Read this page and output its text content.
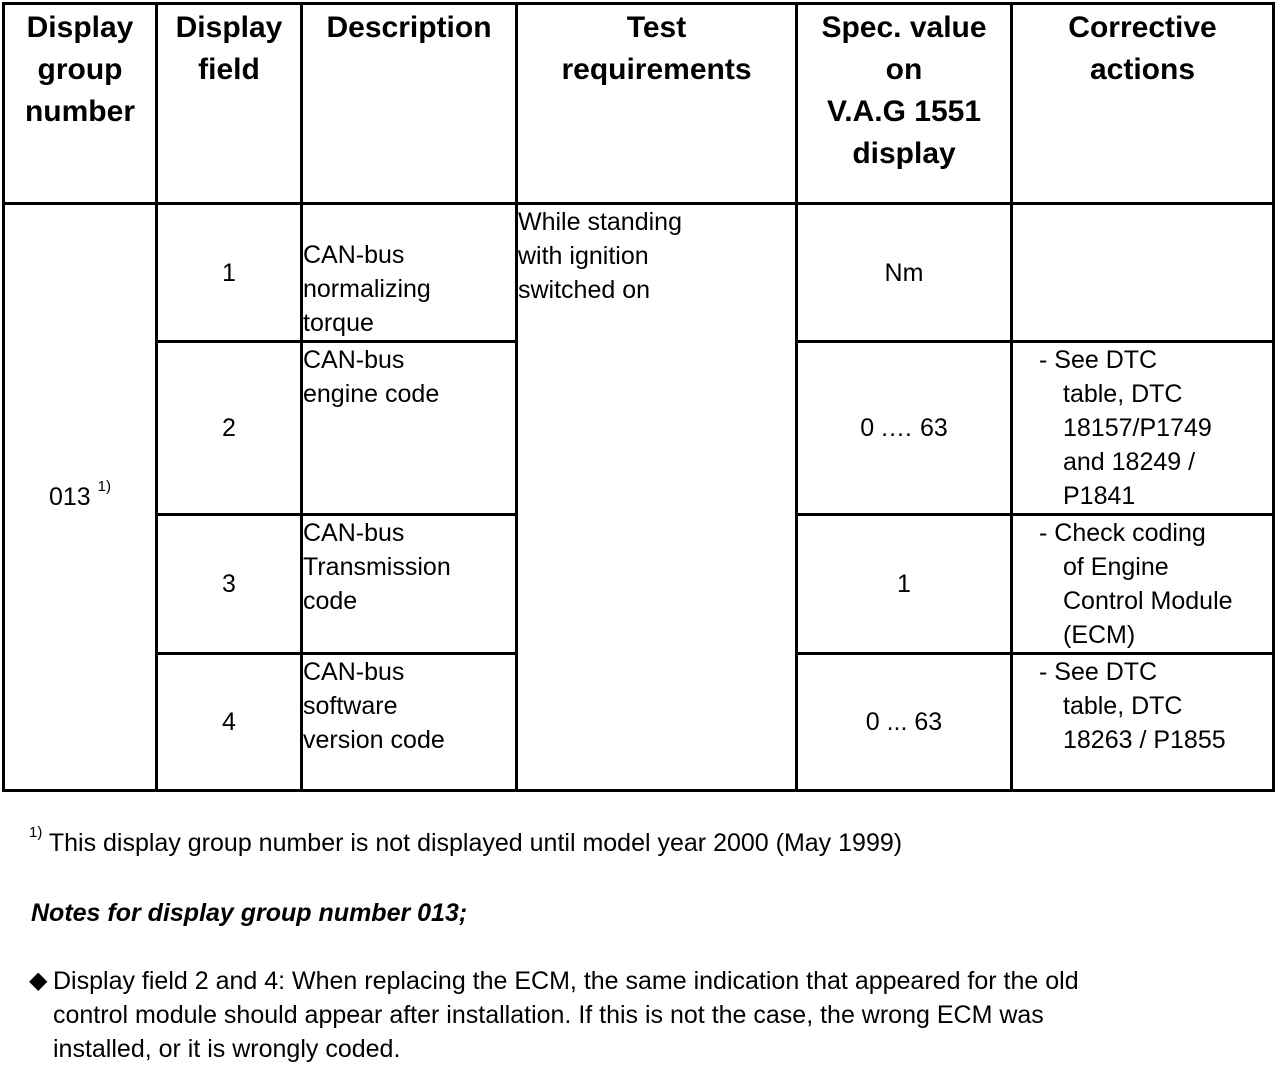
Display
group
number	Display
field	Description	Test
requirements	Spec. value
on
V.A.G 1551
display	Corrective
actions

013 $^{1)}$	1	CAN-bus
normalizing
torque	While standing
with ignition
switched on	Nm	
	2	CAN-bus
engine code		0 .… 63	- See DTC
table, DTC
18157/P1749
and 18249 /
P1841

	3	CAN-bus
Transmission
code		1	- Check coding
of Engine
Control Module
(ECM)

	4	CAN-bus
software
version code		0 ... 63	- See DTC
table, DTC
18263 / P1855
$^{1)}$ This display group number is not displayed until model year 2000 (May 1999)
Notes for display group number 013;
◆ Display field 2 and 4: When replacing the ECM, the same indication that appeared for the old
control module should appear after installation. If this is not the case, the wrong ECM was
installed, or it is wrongly coded.
